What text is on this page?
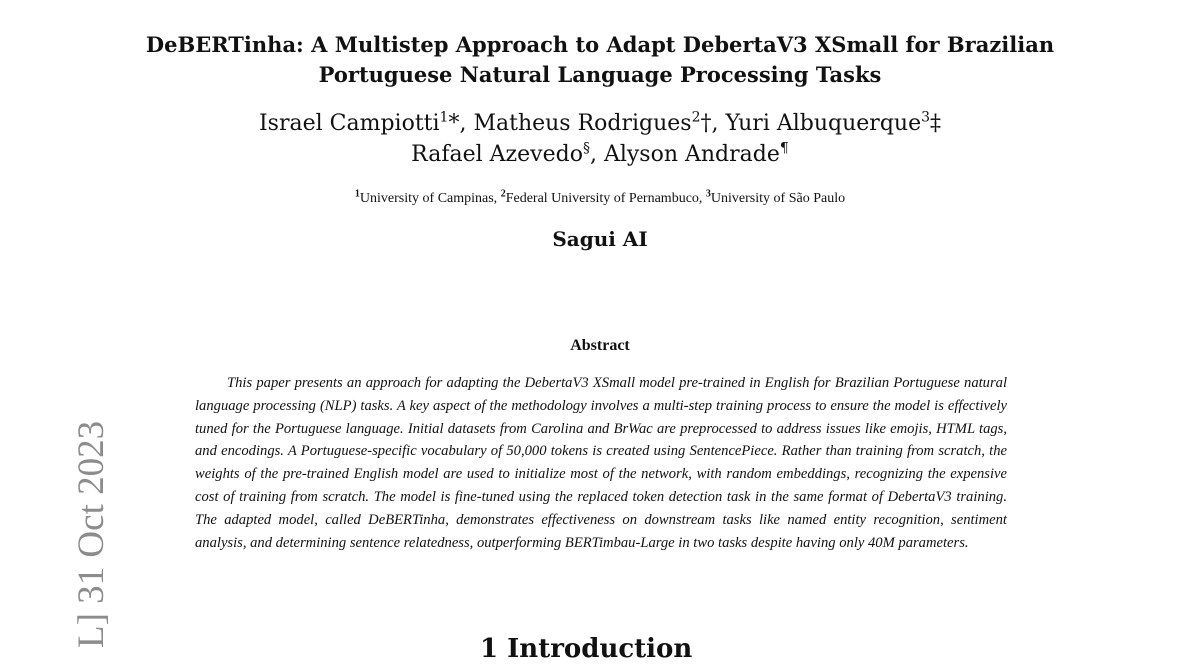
DeBERTinha: A Multistep Approach to Adapt DebertaV3 XSmall for Brazilian
Portuguese Natural Language Processing Tasks
Israel Campiotti$^1$*, Matheus Rodrigues$^2$†, Yuri Albuquerque$^3$‡
Rafael Azevedo§, Alyson Andrade¶
$^1$University of Campinas, $^2$Federal University of Pernambuco, $^3$University of São Paulo
Sagui AI
Abstract
This paper presents an approach for adapting the DebertaV3 XSmall model pre-trained in English for Brazilian Portuguese natural language processing (NLP) tasks. A key aspect of the methodology involves a multi-step training process to ensure the model is effectively tuned for the Portuguese language. Initial datasets from Carolina and BrWac are preprocessed to address issues like emojis, HTML tags, and encodings. A Portuguese-specific vocabulary of 50,000 tokens is created using SentencePiece. Rather than training from scratch, the weights of the pre-trained English model are used to initialize most of the network, with random embeddings, recognizing the expensive cost of training from scratch. The model is fine-tuned using the replaced token detection task in the same format of DebertaV3 training. The adapted model, called DeBERTinha, demonstrates effectiveness on downstream tasks like named entity recognition, sentiment analysis, and determining sentence relatedness, outperforming BERTimbau-Large in two tasks despite having only 40M parameters.
1 Introduction
L] 31 Oct 2023
